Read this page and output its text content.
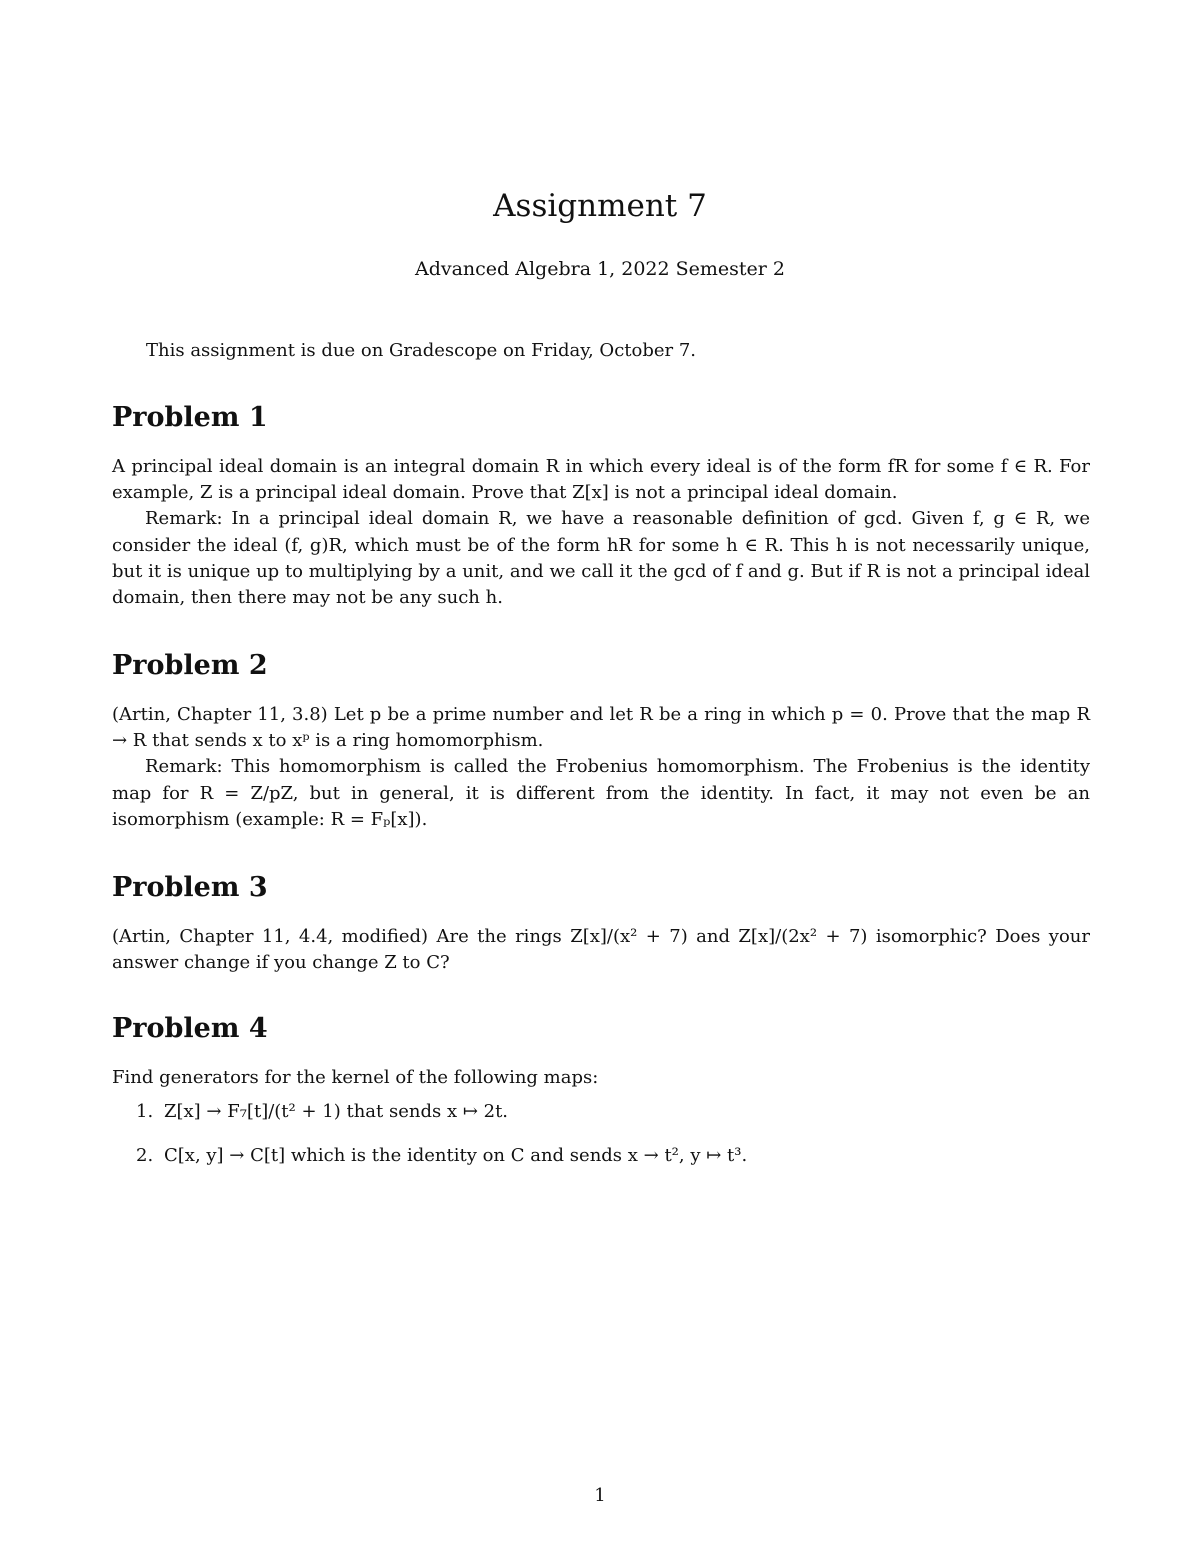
Assignment 7
Advanced Algebra 1, 2022 Semester 2
This assignment is due on Gradescope on Friday, October 7.
Problem 1

A principal ideal domain is an integral domain R in which every ideal is of the form fR for some f ∈ R. For example, Z is a principal ideal domain. Prove that Z[x] is not a principal ideal domain.

Remark: In a principal ideal domain R, we have a reasonable definition of gcd. Given f, g ∈ R, we consider the ideal (f, g)R, which must be of the form hR for some h ∈ R. This h is not necessarily unique, but it is unique up to multiplying by a unit, and we call it the gcd of f and g. But if R is not a principal ideal domain, then there may not be any such h.

Problem 2

(Artin, Chapter 11, 3.8) Let p be a prime number and let R be a ring in which p = 0. Prove that the map R → R that sends x to xᵖ is a ring homomorphism.

Remark: This homomorphism is called the Frobenius homomorphism. The Frobenius is the identity map for R = Z/pZ, but in general, it is different from the identity. In fact, it may not even be an isomorphism (example: R = Fₚ[x]).

Problem 3

(Artin, Chapter 11, 4.4, modified) Are the rings Z[x]/(x² + 7) and Z[x]/(2x² + 7) isomorphic? Does your answer change if you change Z to C?

Problem 4

Find generators for the kernel of the following maps:

1. Z[x] → F₇[t]/(t² + 1) that sends x ↦ 2t.
2. C[x, y] → C[t] which is the identity on C and sends x → t², y ↦ t³.
1
